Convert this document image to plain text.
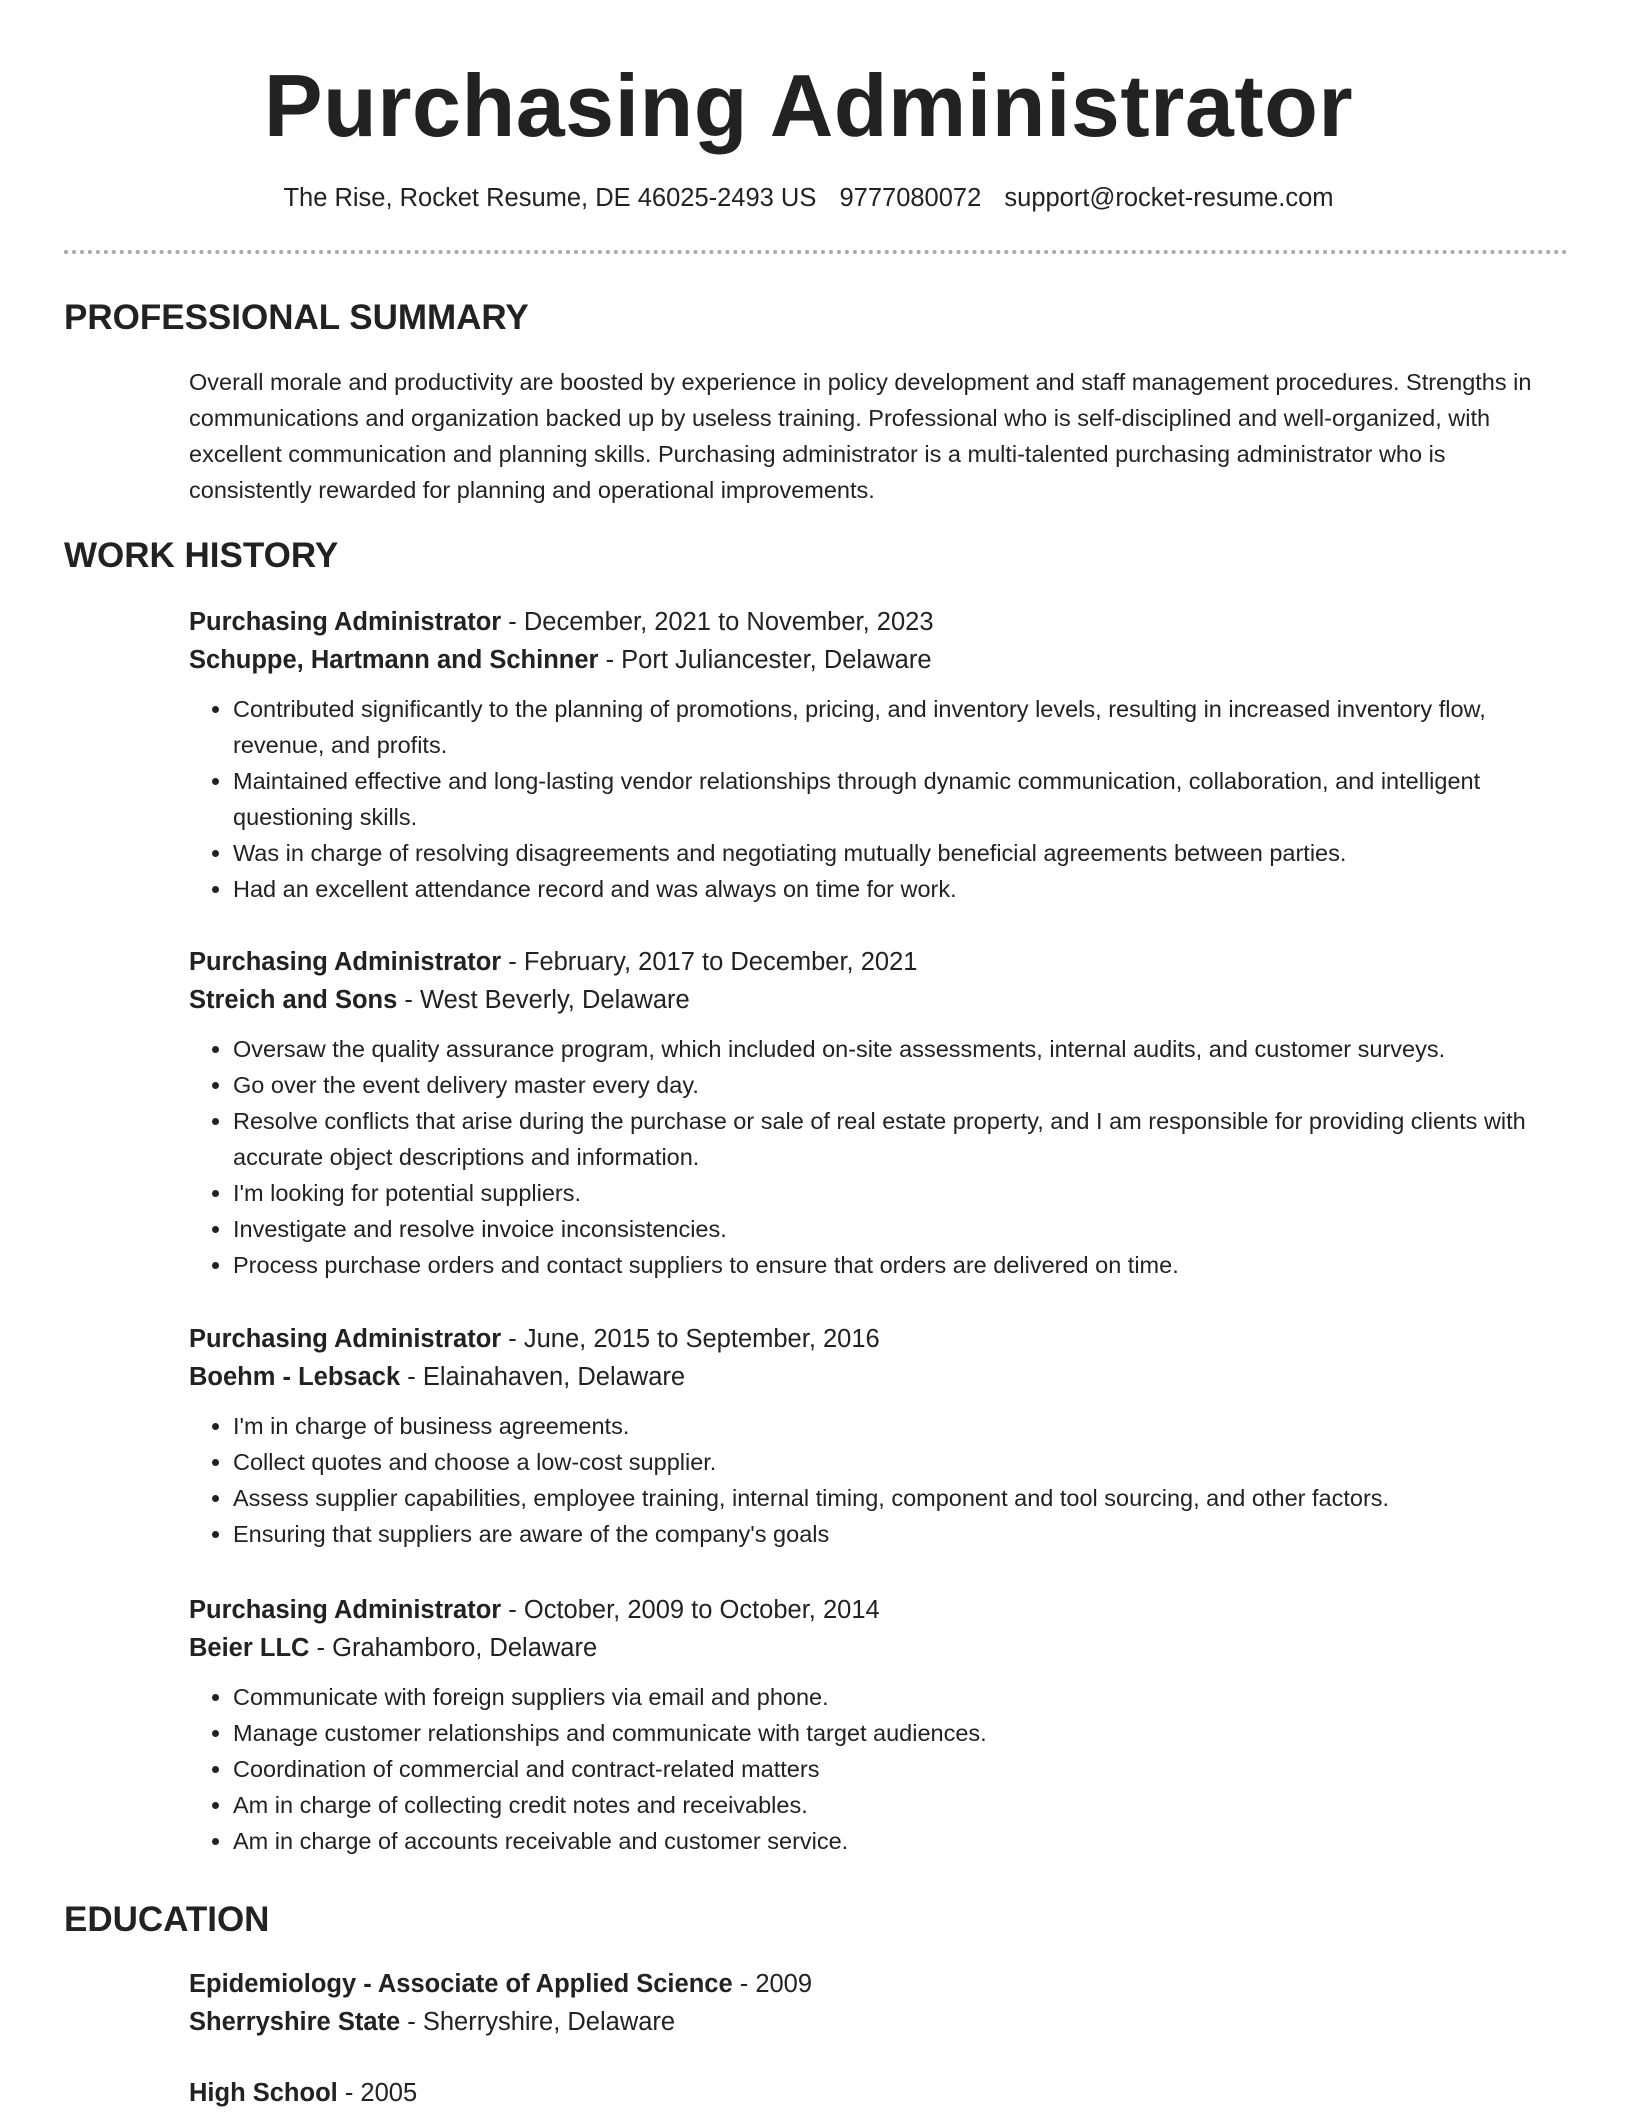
Purchasing Administrator
The Rise, Rocket Resume, DE 46025-2493 US 9777080072 support@rocket-resume.com
PROFESSIONAL SUMMARY

Overall morale and productivity are boosted by experience in policy development and staff management procedures. Strengths in communications and organization backed up by useless training. Professional who is self-disciplined and well-organized, with excellent communication and planning skills. Purchasing administrator is a multi-talented purchasing administrator who is consistently rewarded for planning and operational improvements.

WORK HISTORY
Purchasing Administrator - December, 2021 to November, 2023
Schuppe, Hartmann and Schinner - Port Juliancester, Delaware
• Contributed significantly to the planning of promotions, pricing, and inventory levels, resulting in increased inventory flow, revenue, and profits.
• Maintained effective and long-lasting vendor relationships through dynamic communication, collaboration, and intelligent questioning skills.
• Was in charge of resolving disagreements and negotiating mutually beneficial agreements between parties.
• Had an excellent attendance record and was always on time for work.
Purchasing Administrator - February, 2017 to December, 2021
Streich and Sons - West Beverly, Delaware
• Oversaw the quality assurance program, which included on-site assessments, internal audits, and customer surveys.
• Go over the event delivery master every day.
• Resolve conflicts that arise during the purchase or sale of real estate property, and I am responsible for providing clients with accurate object descriptions and information.
• I'm looking for potential suppliers.
• Investigate and resolve invoice inconsistencies.
• Process purchase orders and contact suppliers to ensure that orders are delivered on time.
Purchasing Administrator - June, 2015 to September, 2016
Boehm - Lebsack - Elainahaven, Delaware
• I'm in charge of business agreements.
• Collect quotes and choose a low-cost supplier.
• Assess supplier capabilities, employee training, internal timing, component and tool sourcing, and other factors.
• Ensuring that suppliers are aware of the company's goals
Purchasing Administrator - October, 2009 to October, 2014
Beier LLC - Grahamboro, Delaware
• Communicate with foreign suppliers via email and phone.
• Manage customer relationships and communicate with target audiences.
• Coordination of commercial and contract-related matters
• Am in charge of collecting credit notes and receivables.
• Am in charge of accounts receivable and customer service.
EDUCATION
Epidemiology - Associate of Applied Science - 2009
Sherryshire State - Sherryshire, Delaware
High School - 2005
